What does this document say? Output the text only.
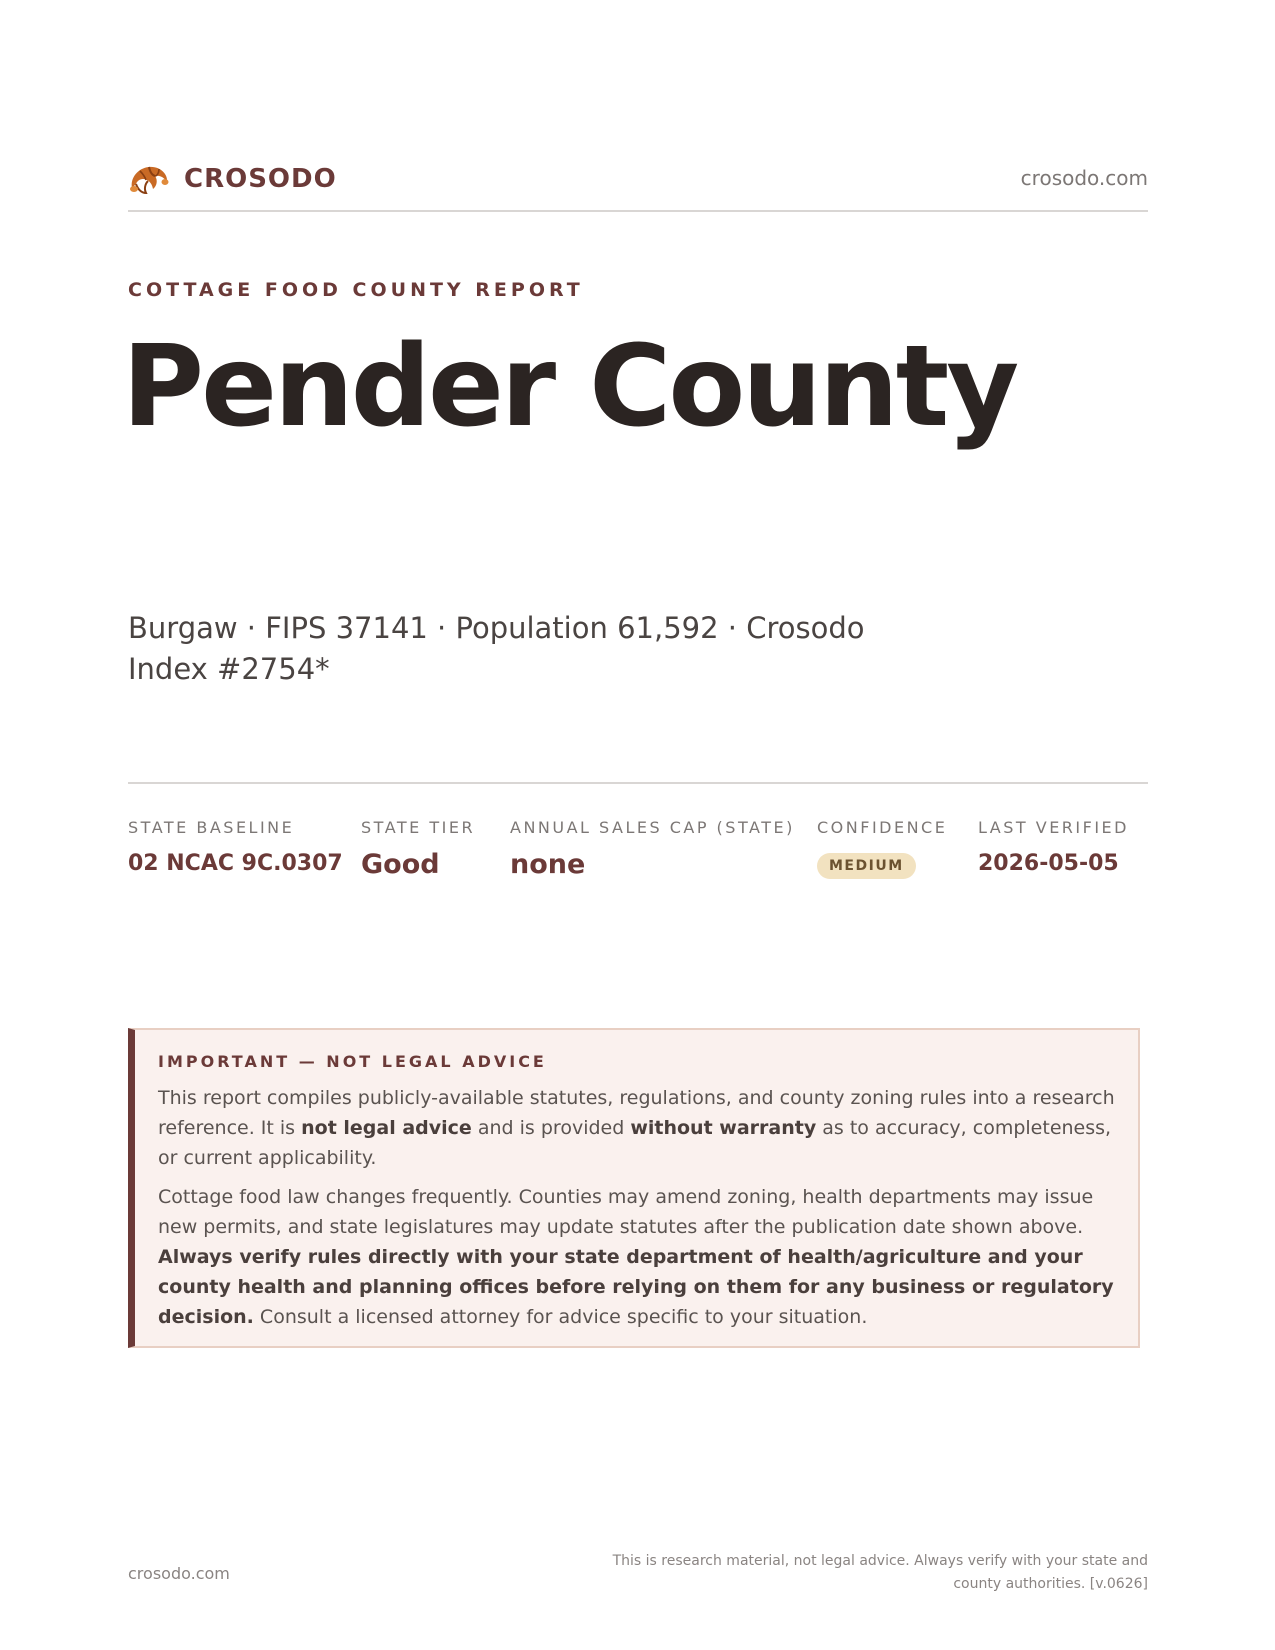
CROSODO	crosodo.com
COTTAGE FOOD COUNTY REPORT
Pender County
Burgaw · FIPS 37141 · Population 61,592 · Crosodo Index #2754*
STATE BASELINE
02 NCAC 9C.0307
STATE TIER
Good
ANNUAL SALES CAP (STATE)
none
CONFIDENCE
MEDIUM
LAST VERIFIED
2026-05-05
IMPORTANT — NOT LEGAL ADVICE

This report compiles publicly-available statutes, regulations, and county zoning rules into a research reference. It is not legal advice and is provided without warranty as to accuracy, completeness, or current applicability.

Cottage food law changes frequently. Counties may amend zoning, health departments may issue new permits, and state legislatures may update statutes after the publication date shown above. Always verify rules directly with your state department of health/agriculture and your county health and planning offices before relying on them for any business or regulatory decision. Consult a licensed attorney for advice specific to your situation.

crosodo.com
This is research material, not legal advice. Always verify with your state and county authorities. [v.0626]
